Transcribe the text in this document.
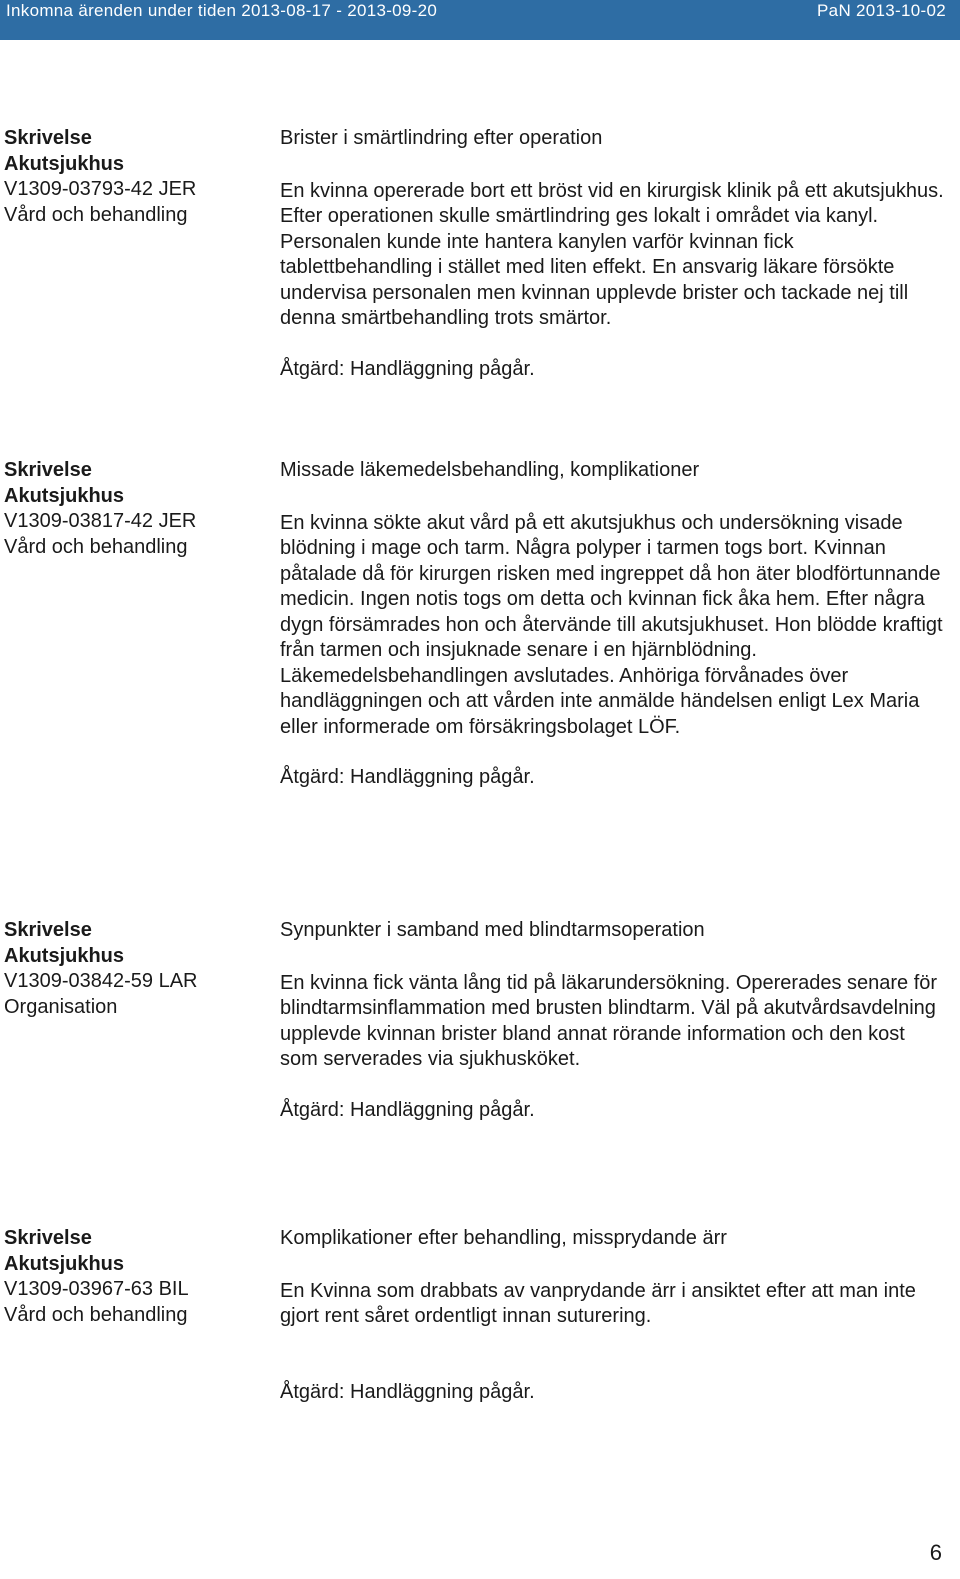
Inkomna ärenden under tiden 2013-08-17 - 2013-09-20	PaN 2013-10-02
Skrivelse
Akutsjukhus
V1309-03793-42 JER
Vård och behandling
Brister i smärtlindring efter operation
En kvinna opererade bort ett bröst vid en kirurgisk klinik på ett akutsjukhus. Efter operationen skulle smärtlindring ges lokalt i området via kanyl. Personalen kunde inte hantera kanylen varför kvinnan fick tablettbehandling i stället med liten effekt. En ansvarig läkare försökte undervisa personalen men kvinnan upplevde brister och tackade nej till denna smärtbehandling trots smärtor.
Åtgärd: Handläggning pågår.
Skrivelse
Akutsjukhus
V1309-03817-42 JER
Vård och behandling
Missade läkemedelsbehandling, komplikationer
En kvinna sökte akut vård på ett akutsjukhus och undersökning visade blödning i mage och tarm. Några polyper i tarmen togs bort. Kvinnan påtalade då för kirurgen risken med ingreppet då hon äter blodförtunnande medicin. Ingen notis togs om detta och kvinnan fick åka hem. Efter några dygn försämrades hon och återvände till akutsjukhuset. Hon blödde kraftigt från tarmen och insjuknade senare i en hjärnblödning. Läkemedelsbehandlingen avslutades. Anhöriga förvånades över handläggningen och att vården inte anmälde händelsen enligt Lex Maria eller informerade om försäkringsbolaget LÖF.
Åtgärd: Handläggning pågår.
Skrivelse
Akutsjukhus
V1309-03842-59 LAR
Organisation
Synpunkter i samband med blindtarmsoperation
En kvinna fick vänta lång tid på läkarundersökning. Opererades senare för blindtarmsinflammation med brusten blindtarm. Väl på akutvårdsavdelning upplevde kvinnan brister bland annat rörande information och den kost som serverades via sjukhusköket.
Åtgärd: Handläggning pågår.
Skrivelse
Akutsjukhus
V1309-03967-63 BIL
Vård och behandling
Komplikationer efter behandling, missprydande ärr
En Kvinna som drabbats av vanprydande ärr i ansiktet efter att man inte gjort rent såret ordentligt innan suturering.
Åtgärd: Handläggning pågår.
6
